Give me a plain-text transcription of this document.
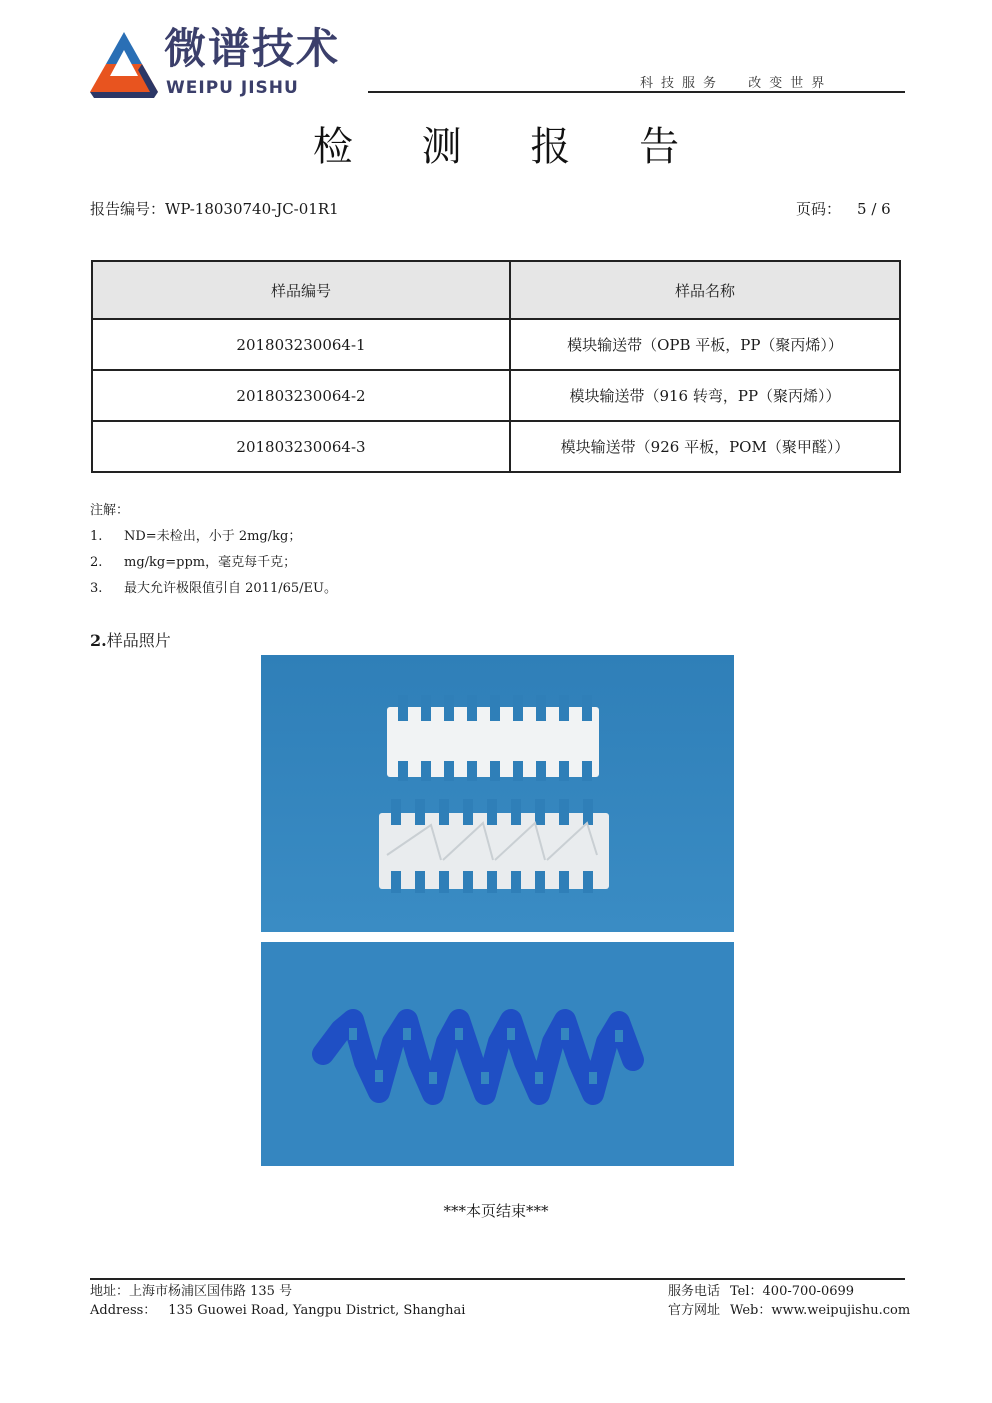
微谱技术
WEIPU JISHU	科技服务  改变世界
检 测 报 告
报告编号：WP-18030740-JC-01R1	页码： 5 / 6
样品编号	样品名称
201803230064-1	模块输送带（OPB 平板，PP（聚丙烯））
201803230064-2	模块输送带（916 转弯，PP（聚丙烯））
201803230064-3	模块输送带（926 平板，POM（聚甲醛））
注解：
1. ND=未检出，小于 2mg/kg；
2. mg/kg=ppm，毫克每千克；
3. 最大允许极限值引自 2011/65/EU。
2.样品照片
***本页结束***
地址：上海市杨浦区国伟路 135 号
Address： 135 Guowei Road, Yangpu District, Shanghai
服务电话 Tel：400-700-0699
官方网址 Web：www.weipujishu.com
